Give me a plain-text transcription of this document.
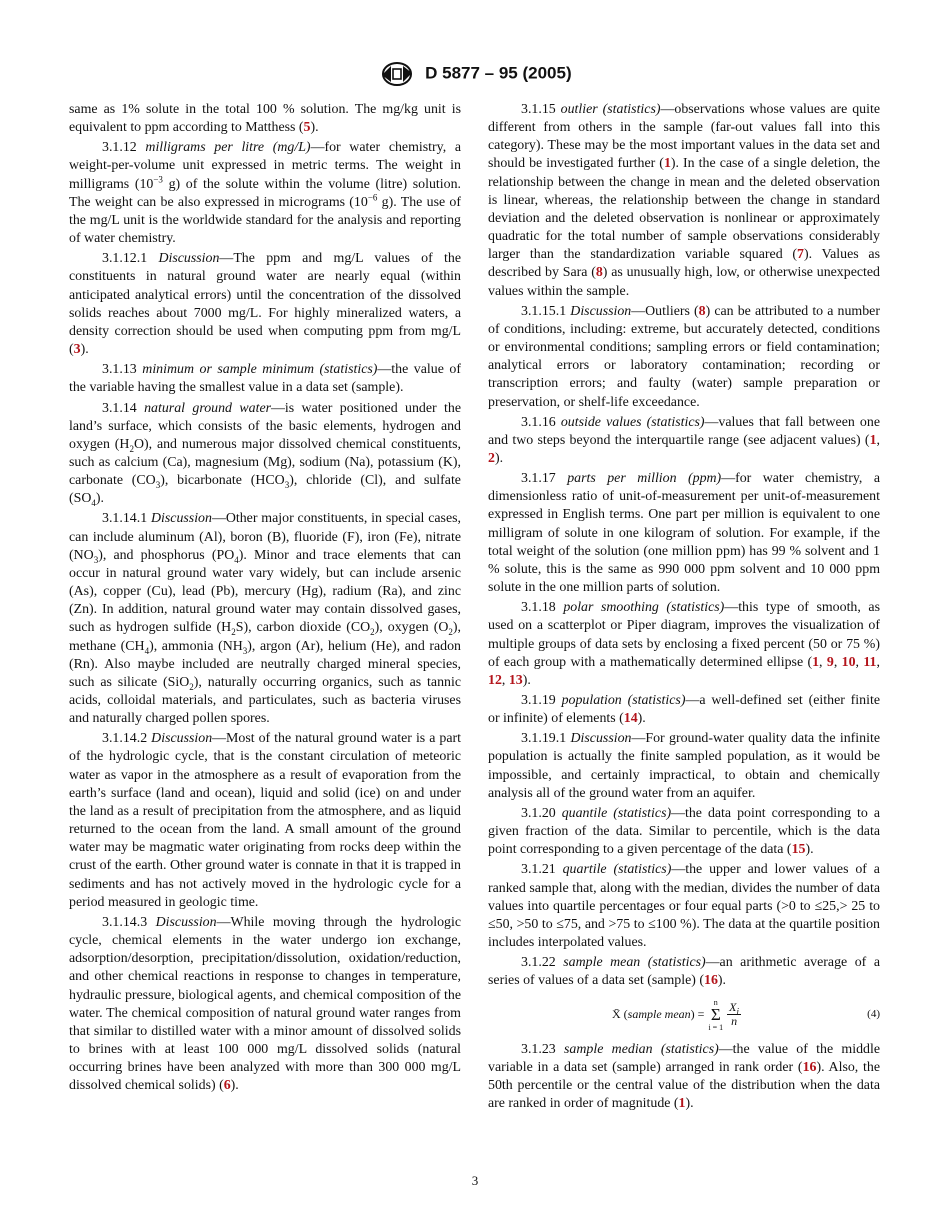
D 5877 – 95 (2005)

same as 1% solute in the total 100 % solution. The mg/kg unit is equivalent to ppm according to Matthess (5).

3.1.12 milligrams per litre (mg/L)—for water chemistry, a weight-per-volume unit expressed in metric terms. The weight in milligrams ($10^{-3}$ g) of the solute within the volume (litre) solution. The weight can be also expressed in micrograms ($10^{-6}$ g). The use of the mg/L unit is the worldwide standard for the analysis and reporting of water chemistry.

3.1.12.1 Discussion—The ppm and mg/L values of the constituents in natural ground water are nearly equal (within anticipated analytical errors) until the concentration of the dissolved solids reaches about 7000 mg/L. For highly mineralized waters, a density correction should be used when computing ppm from mg/L (3).

3.1.13 minimum or sample minimum (statistics)—the value of the variable having the smallest value in a data set (sample).

3.1.14 natural ground water—is water positioned under the land’s surface, which consists of the basic elements, hydrogen and oxygen $(H_2O)$, and numerous major dissolved chemical constituents, such as calcium (Ca), magnesium (Mg), sodium (Na), potassium (K), carbonate $(CO_3)$, bicarbonate $(HCO_3)$, chloride (Cl), and sulfate $(SO_4)$.

3.1.14.1 Discussion—Other major constituents, in special cases, can include aluminum (Al), boron (B), fluoride (F), iron (Fe), nitrate $(NO_3)$, and phosphorus $(PO_4)$. Minor and trace elements that can occur in natural ground water vary widely, but can include arsenic (As), copper (Cu), lead (Pb), mercury (Hg), radium (Ra), and zinc (Zn). In addition, natural ground water may contain dissolved gases, such as hydrogen sulfide $(H_2S)$, carbon dioxide $(CO_2)$, oxygen $(O_2)$, methane $(CH_4)$, ammonia $(NH_3)$, argon (Ar), helium (He), and radon (Rn). Also maybe included are neutrally charged mineral species, such as silicate (SiO$_2$), naturally occurring organics, such as tannic acids, colloidal materials, and particulates, such as bacteria viruses and naturally charged pollen spores.

3.1.14.2 Discussion—Most of the natural ground water is a part of the hydrologic cycle, that is the constant circulation of meteoric water as vapor in the atmosphere as a result of evaporation from the earth’s surface (land and ocean), liquid and solid (ice) on and under the land as a result of precipitation from the atmosphere, and as liquid returned to the ocean from the land. A small amount of the ground water may be magmatic water originating from rocks deep within the crust of the earth. Other ground water is connate in that it is trapped in sediments and has not actively moved in the hydrologic cycle for a period measured in geologic time.

3.1.14.3 Discussion—While moving through the hydrologic cycle, chemical elements in the water undergo ion exchange, adsorption/desorption, precipitation/dissolution, oxidation/reduction, and other chemical reactions in response to changes in temperature, hydraulic pressure, biological agents, and chemical composition of the water. The chemical composition of natural ground water ranges from that similar to distilled water with a minor amount of dissolved solids to brines with at least 100 000 mg/L dissolved solids (natural occurring brines have been analyzed with more than 300 000 mg/L dissolved chemical solids) (6).

3.1.15 outlier (statistics)—observations whose values are quite different from others in the sample (far-out values fall into this category). These may be the most important values in the data set and should be investigated further (1). In the case of a single deletion, the relationship between the change in mean and the deleted observation is linear, whereas, the relationship between the change in standard deviation and the deleted observation is nonlinear or approximately quadratic for the total number of sample observations considerably larger than the standardization variable squared (7). Values as described by Sara (8) as unusually high, low, or otherwise unexpected values within the sample.

3.1.15.1 Discussion—Outliers (8) can be attributed to a number of conditions, including: extreme, but accurately detected, conditions or environmental conditions; sampling errors or field contamination; analytical errors or laboratory contamination; recording or transcription errors; and faulty (water) sample preparation or preservation, or shelf-life exceedance.

3.1.16 outside values (statistics)—values that fall between one and two steps beyond the interquartile range (see adjacent values) (1, 2).

3.1.17 parts per million (ppm)—for water chemistry, a dimensionless ratio of unit-of-measurement per unit-of-measurement expressed in English terms. One part per million is equivalent to one milligram of solute in one kilogram of solution. For example, if the total weight of the solution (one million ppm) has 99 % solvent and 1 % solute, this is the same as 990 000 ppm solvent and 10 000 ppm solute in the one million parts of solution.

3.1.18 polar smoothing (statistics)—this type of smooth, as used on a scatterplot or Piper diagram, improves the visualization of multiple groups of data sets by enclosing a fixed percent (50 or 75 %) of each group with a mathematically determined ellipse (1, 9, 10, 11, 12, 13).

3.1.19 population (statistics)—a well-defined set (either finite or infinite) of elements (14).

3.1.19.1 Discussion—For ground-water quality data the infinite population is actually the finite sampled population, as it would be impossible, and certainly impractical, to obtain and chemically analysis all of the ground water from an aquifer.

3.1.20 quantile (statistics)—the data point corresponding to a given fraction of the data. Similar to percentile, which is the data point corresponding to a given percentage of the data (15).

3.1.21 quartile (statistics)—the upper and lower values of a ranked sample that, along with the median, divides the number of data values into quartile percentages or four equal parts (>0 to ≤25,> 25 to ≤50, >50 to ≤75, and >75 to ≤100 %). The data at the quartile position includes interpolated values.

3.1.22 sample mean (statistics)—an arithmetic average of a series of values of a data set (sample) (16).

X̄ (sample mean) =
n
Σ
$i = 1 \frac{X_i}{n}$	(4)

3.1.23 sample median (statistics)—the value of the middle variable in a data set (sample) arranged in rank order (16). Also, the 50th percentile or the central value of the distribution when the data are ranked in order of magnitude (1).

3
